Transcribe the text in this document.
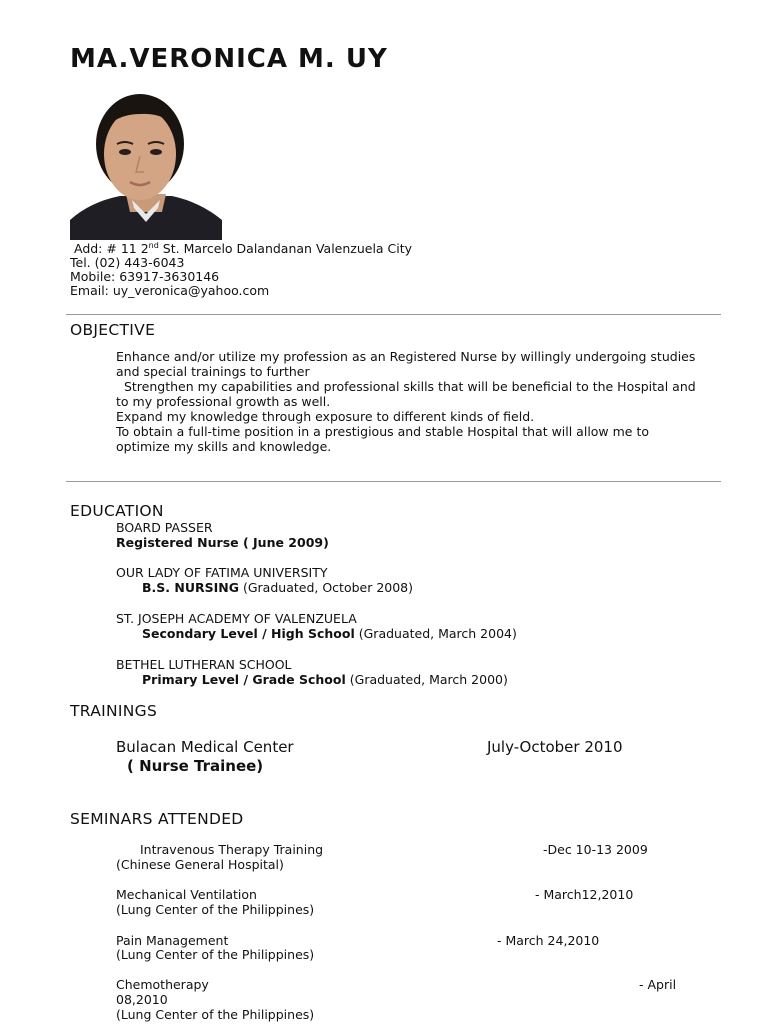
MA.VERONICA M. UY
Add: # 11 2nd St. Marcelo Dalandanan Valenzuela City
Tel. (02) 443-6043
Mobile: 63917-3630146
Email: uy_veronica@yahoo.com
OBJECTIVE
Enhance and/or utilize my profession as an Registered Nurse by willingly undergoing studies
and special trainings to further
Strengthen my capabilities and professional skills that will be beneficial to the Hospital and
to my professional growth as well.
Expand my knowledge through exposure to different kinds of field.
To obtain a full-time position in a prestigious and stable Hospital that will allow me to
optimize my skills and knowledge.
EDUCATION
BOARD PASSER
Registered Nurse ( June 2009)
OUR LADY OF FATIMA UNIVERSITY
B.S. NURSING (Graduated, October 2008)
ST. JOSEPH ACADEMY OF VALENZUELA
Secondary Level / High School (Graduated, March 2004)
BETHEL LUTHERAN SCHOOL
Primary Level / Grade School (Graduated, March 2000)
TRAININGS
Bulacan Medical Center	July-October 2010
( Nurse Trainee)
SEMINARS ATTENDED
Intravenous Therapy Training	-Dec 10-13 2009
(Chinese General Hospital)
Mechanical Ventilation	- March12,2010
(Lung Center of the Philippines)
Pain Management	- March 24,2010
(Lung Center of the Philippines)
Chemotherapy	- April
08,2010
(Lung Center of the Philippines)
